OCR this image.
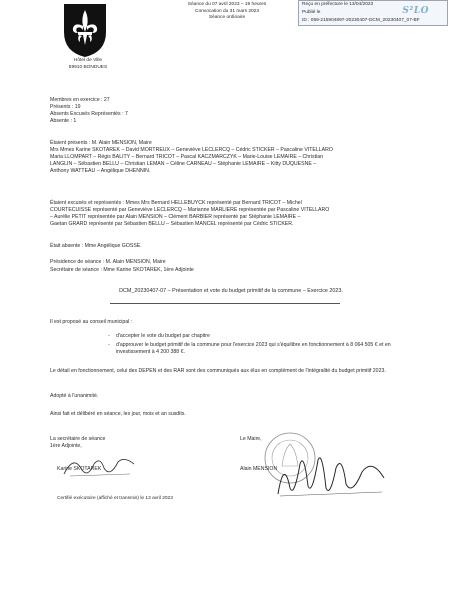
Hôtel de Ville
59910 BONDUES
Séance du 07 avril 2023 – 19 heures
Convocation du 31 mars 2023
Séance ordinaire
Reçu en préfecture le 13/04/2023
Publié le
ID : 059-215904897-20230407-DCM_20230407_07-BF
S²LO
Membres en exercice : 27
Présents : 19
Absents Excusés Représentés : 7
Absente : 1
Étaient présents : M. Alain MENSION, Maire
Mrs Mmes Karine SKOTAREK – David MORTREUX – Geneviève LECLERCQ – Cédric STICKER – Pascaline VITELLARO
Maria LLOMPART – Régis BALITY – Bernard TRICOT – Pascal KACZMARCZYK – Marie-Louise LEMAIRE – Christian
LANGLIN – Sébastien BELLU – Christian LEMAN – Céline CARNEAU – Stéphanie LEMAIRE – Kitty DUQUESNE –
Anthony WATTEAU – Angélique DHENNIN.
Étaient excusés et représentés : Mmes Mrs Bernard HELLEBUYCK représenté par Bernard TRICOT – Michel
COURTECUISSE représenté par Geneviève LECLERCQ – Marianne MARLIERE représentée par Pascaline VITELLARO
– Aurélie PETIT représentée par Alain MENSION – Clément BARBIER représenté par Stéphanie LEMAIRE –
Gaetan GRARD représenté par Sébastien BELLU – Sébastien MANCEL représenté par Cédric STICKER.
Était absente : Mme Angélique GOSSE.
Présidence de séance : M. Alain MENSION, Maire
Secrétaire de séance : Mme Karine SKOTAREK, 1ère Adjointe
DCM_20230407-07 – Présentation et vote du budget primitif de la commune – Exercice 2023.
Il est proposé au conseil municipal :
-	d'accepter le vote du budget par chapitre
-	d'approuver le budget primitif de la commune pour l'exercice 2023 qui s'équilibre en fonctionnement à 8 064 505 € et en investissement à 4 200 388 €.
Le détail en fonctionnement, celui des DEPEN et des RAR sont des communiqués aux élus en complément de l'intégralité du budget primitif 2023.
Adopté à l'unanimité.
Ainsi fait et délibéré en séance, les jour, mois et an susdits.
La secrétaire de séance
1ère Adjointe,
Karine SKOTAREK
Le Maire,
Alain MENSION
Certifié exécutoire (affiché et transmis) le 13 avril 2023
